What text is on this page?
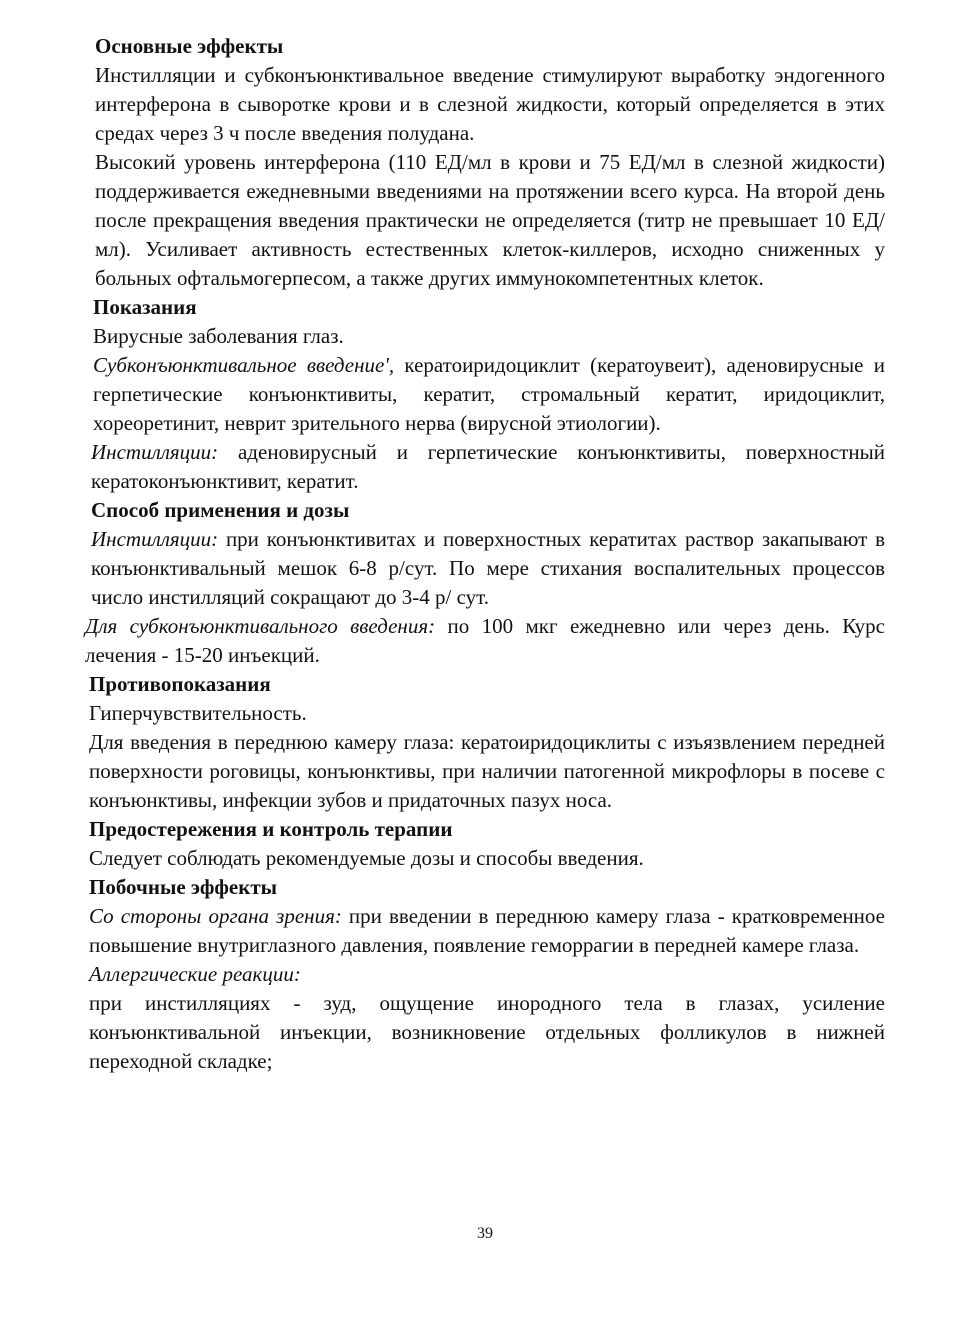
Основные эффекты

Инстилляции и субконъюнктивальное введение стимулируют выработку эндогенного интерферона в сыворотке крови и в слезной жидкости, который определяется в этих средах через 3 ч после введения полудана.

Высокий уровень интерферона (110 ЕД/мл в крови и 75 ЕД/мл в слезной жидкости) поддерживается ежедневными введениями на протяжении всего курса. На второй день после прекращения введения практически не определяется (титр не превышает 10 ЕД/мл). Усиливает активность естественных клеток-киллеров, исходно сниженных у больных офтальмогерпесом, а также других иммунокомпетентных клеток.

Показания

Вирусные заболевания глаз.

Субконъюнктивальное введение', кератоиридоциклит (кератоувеит), аденовирусные и герпетические конъюнктивиты, кератит, стромальный кератит, иридоциклит, хореоретинит, неврит зрительного нерва (вирусной этиологии).

Инстилляции: аденовирусный и герпетические конъюнктивиты, поверхностный кератоконъюнктивит, кератит.

Способ применения и дозы

Инстилляции: при конъюнктивитах и поверхностных кератитах раствор закапывают в конъюнктивальный мешок 6-8 р/сут. По мере стихания воспалительных процессов число инстилляций сокращают до 3-4 р/ сут.

Для субконъюнктивального введения: по 100 мкг ежедневно или через день. Курс лечения - 15-20 инъекций.

Противопоказания

Гиперчувствительность.

Для введения в переднюю камеру глаза: кератоиридоциклиты с изъязвлением передней поверхности роговицы, конъюнктивы, при наличии патогенной микрофлоры в посеве с конъюнктивы, инфекции зубов и придаточных пазух носа.

Предостережения и контроль терапии

Следует соблюдать рекомендуемые дозы и способы введения.

Побочные эффекты

Со стороны органа зрения: при введении в переднюю камеру глаза - кратковременное повышение внутриглазного давления, появление геморрагии в передней камере глаза.

Аллергические реакции:

при инстилляциях - зуд, ощущение инородного тела в глазах, усиление конъюнктивальной инъекции, возникновение отдельных фолликулов в нижней переходной складке;

39
